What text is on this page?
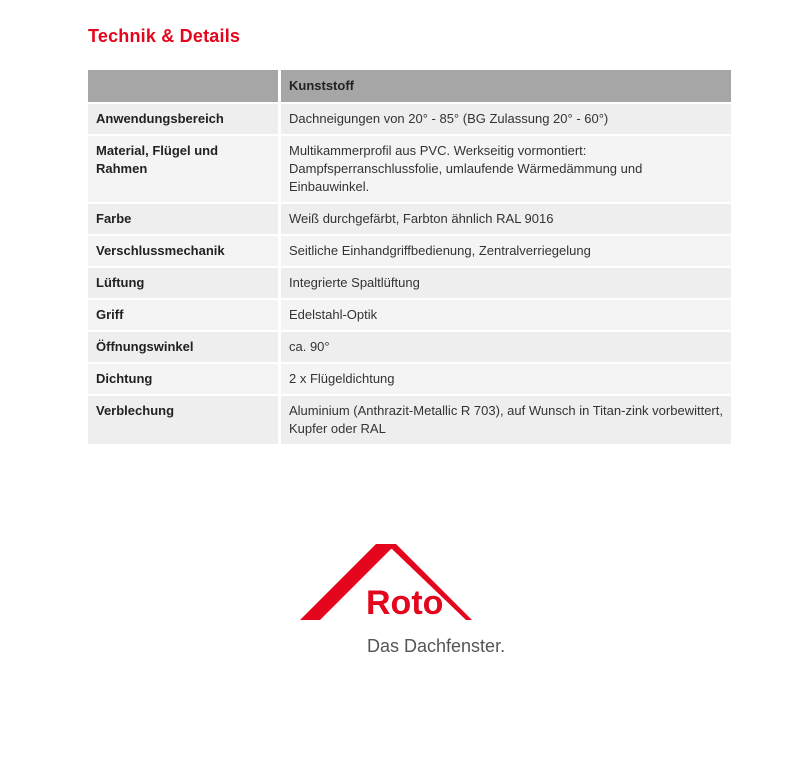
Technik & Details
	Kunststoff
Anwendungsbereich	Dachneigungen von 20° - 85° (BG Zulassung 20° - 60°)
Material, Flügel und Rahmen	Multikammerprofil aus PVC. Werkseitig vormontiert: Dampfsperranschlussfolie, umlaufende Wärmedämmung und Einbauwinkel.
Farbe	Weiß durchgefärbt, Farbton ähnlich RAL 9016
Verschlussmechanik	Seitliche Einhandgriffbedienung, Zentralverriegelung
Lüftung	Integrierte Spaltlüftung
Griff	Edelstahl-Optik
Öffnungswinkel	ca. 90°
Dichtung	2 x Flügeldichtung
Verblechung	Aluminium (Anthrazit-Metallic R 703), auf Wunsch in Titan-zink vorbewittert, Kupfer oder RAL
Roto
Das Dachfenster.
